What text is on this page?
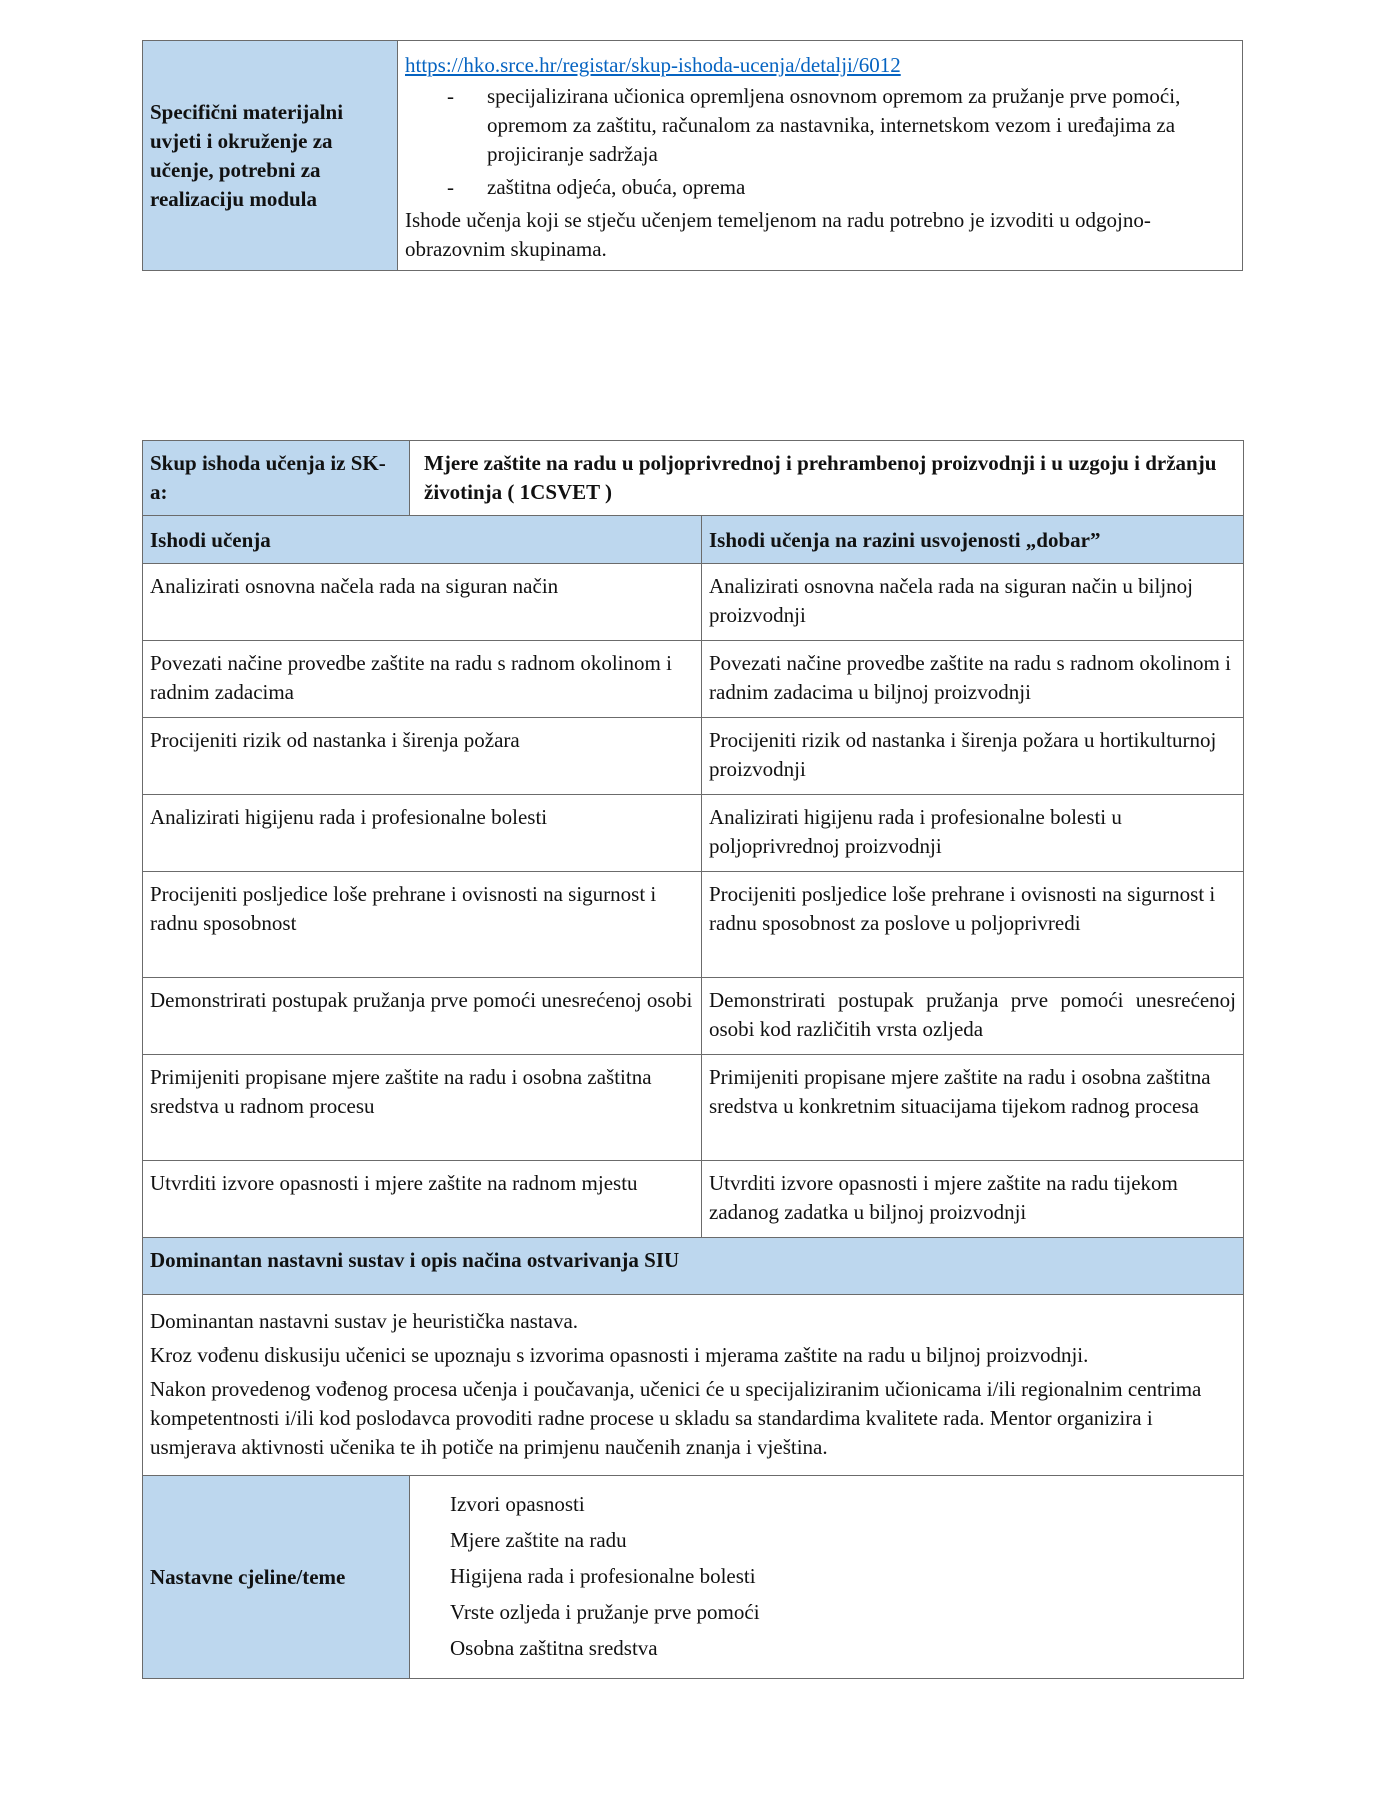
Specifični materijalni uvjeti i okruženje za učenje, potrebni za realizaciju modula	https://hko.srce.hr/registar/skup-ishoda-ucenja/detalji/6012
- specijalizirana učionica opremljena osnovnom opremom za pružanje prve pomoći, opremom za zaštitu, računalom za nastavnika, internetskom vezom i uređajima za projiciranje sadržaja
- zaštitna odjeća, obuća, oprema

Ishode učenja koji se stječu učenjem temeljenom na radu potrebno je izvoditi u odgojno-obrazovnim skupinama.

Skup ishoda učenja iz SK-a:	Mjere zaštite na radu u poljoprivrednoj i prehrambenoj proizvodnji i u uzgoju i držanju životinja ( 1CSVET )	
Ishodi učenja		Ishodi učenja na razini usvojenosti „dobar”
Analizirati osnovna načela rada na siguran način		Analizirati osnovna načela rada na siguran način u biljnoj proizvodnji
Povezati načine provedbe zaštite na radu s radnom okolinom i radnim zadacima		Povezati načine provedbe zaštite na radu s radnom okolinom i radnim zadacima u biljnoj proizvodnji
Procijeniti rizik od nastanka i širenja požara		Procijeniti rizik od nastanka i širenja požara u hortikulturnoj proizvodnji
Analizirati higijenu rada i profesionalne bolesti		Analizirati higijenu rada i profesionalne bolesti u poljoprivrednoj proizvodnji
Procijeniti posljedice loše prehrane i ovisnosti na sigurnost i radnu sposobnost		Procijeniti posljedice loše prehrane i ovisnosti na sigurnost i radnu sposobnost za poslove u poljoprivredi
Demonstrirati postupak pružanja prve pomoći unesrećenoj osobi		Demonstrirati postupak pružanja prve pomoći unesrećenoj osobi kod različitih vrsta ozljeda
Primijeniti propisane mjere zaštite na radu i osobna zaštitna sredstva u radnom procesu		Primijeniti propisane mjere zaštite na radu i osobna zaštitna sredstva u konkretnim situacijama tijekom radnog procesa
Utvrditi izvore opasnosti i mjere zaštite na radnom mjestu		Utvrditi izvore opasnosti i mjere zaštite na radu tijekom zadanog zadatka u biljnoj proizvodnji
Dominantan nastavni sustav i opis načina ostvarivanja SIU		

Dominantan nastavni sustav je heuristička nastava.

Kroz vođenu diskusiju učenici se upoznaju s izvorima opasnosti i mjerama zaštite na radu u biljnoj proizvodnji.

Nakon provedenog vođenog procesa učenja i poučavanja, učenici će u specijaliziranim učionicama i/ili regionalnim centrima kompetentnosti i/ili kod poslodavca provoditi radne procese u skladu sa standardima kvalitete rada. Mentor organizira i usmjerava aktivnosti učenika te ih potiče na primjenu naučenih znanja i vještina.		

Nastavne cjeline/teme	Izvori opasnosti
Mjere zaštite na radu
Higijena rada i profesionalne bolesti
Vrste ozljeda i pružanje prve pomoći
Osobna zaštitna sredstva	
